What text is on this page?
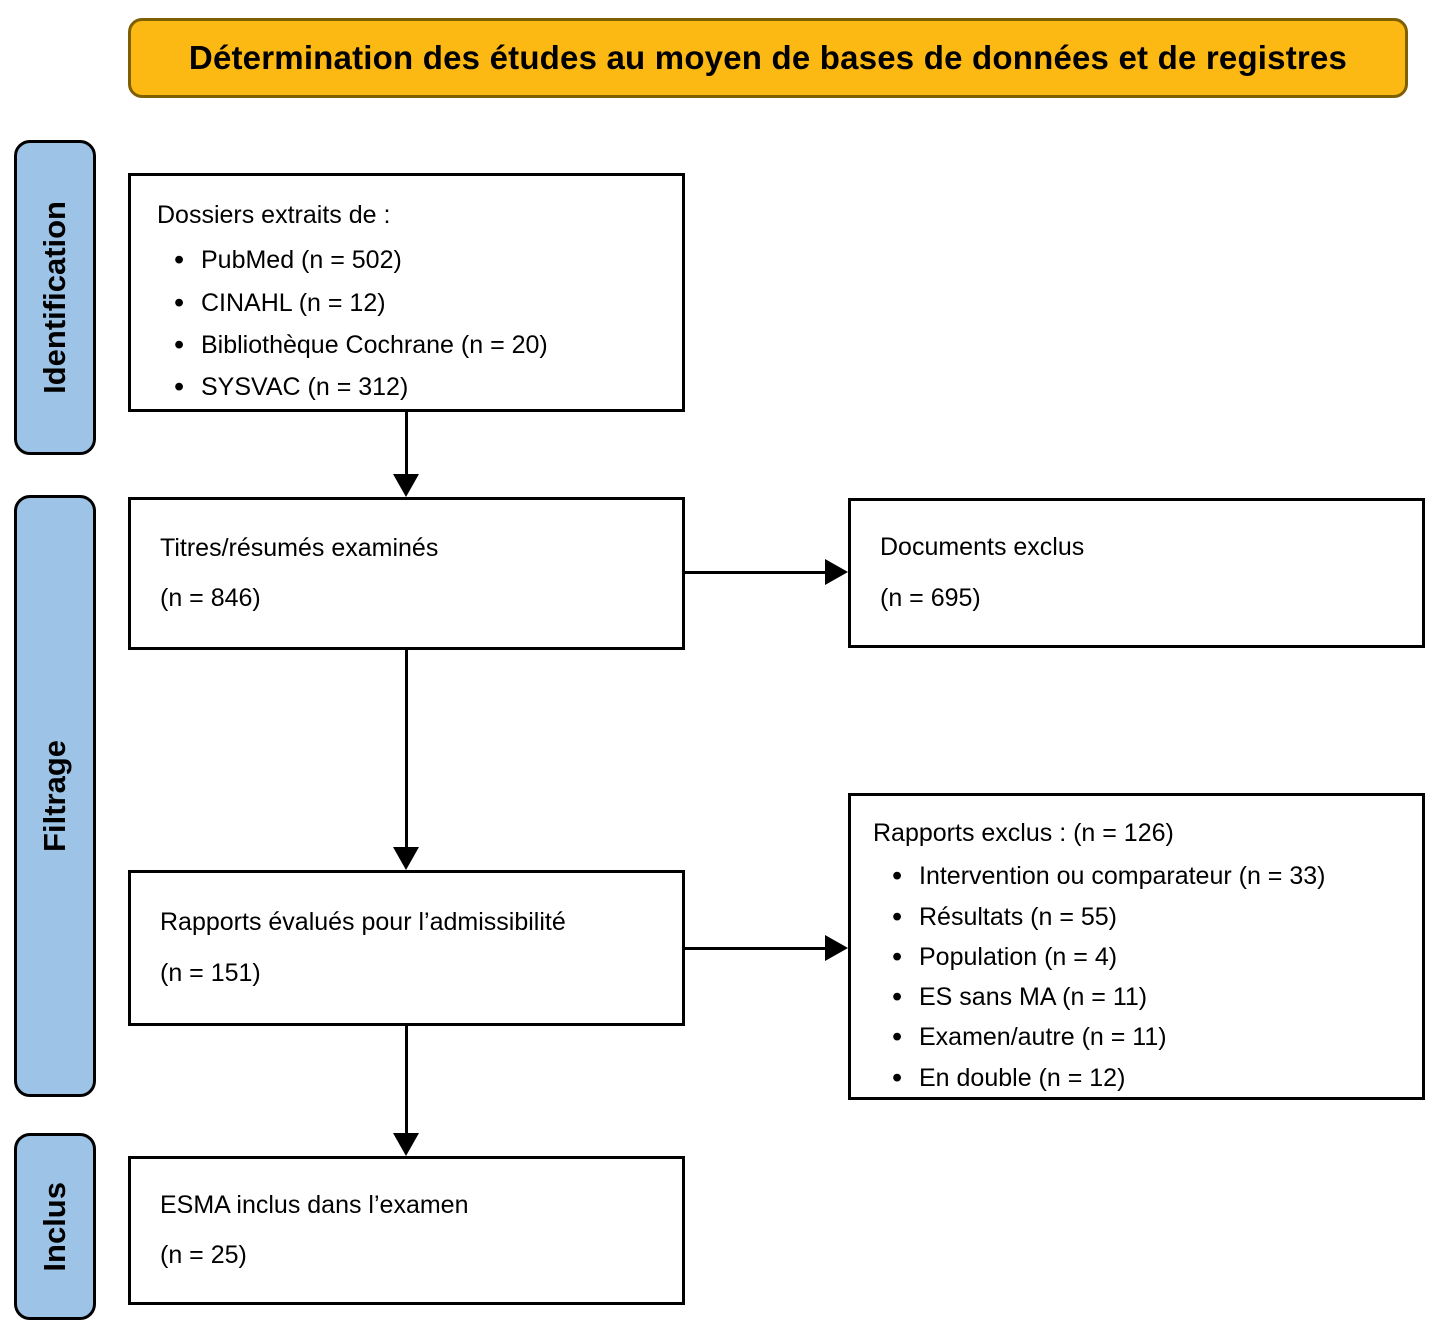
Détermination des études au moyen de bases de données et de registres
Identification
Filtrage
Inclus
Dossiers extraits de :
• PubMed (n = 502)
• CINAHL (n = 12)
• Bibliothèque Cochrane (n = 20)
• SYSVAC (n = 312)
Titres/résumés examinés
(n = 846)
Documents exclus
(n = 695)
Rapports évalués pour l’admissibilité
(n = 151)
Rapports exclus : (n = 126)
• Intervention ou comparateur (n = 33)
• Résultats (n = 55)
• Population (n = 4)
• ES sans MA (n = 11)
• Examen/autre (n = 11)
• En double (n = 12)
ESMA inclus dans l’examen
(n = 25)
